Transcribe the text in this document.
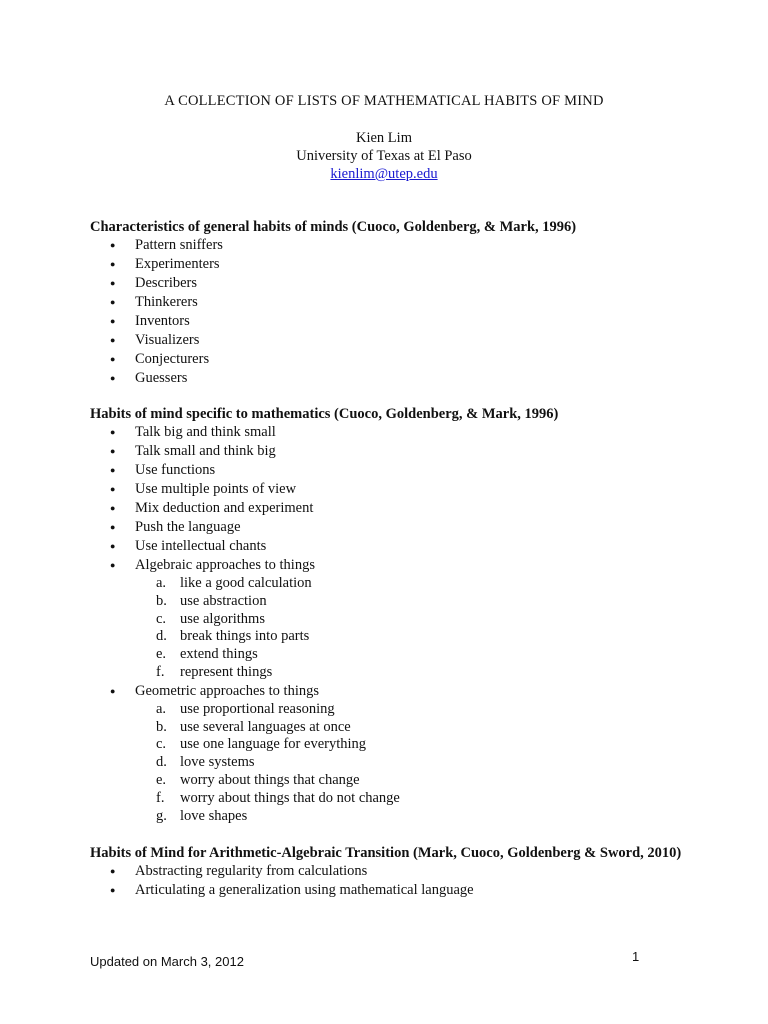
A COLLECTION OF LISTS OF MATHEMATICAL HABITS OF MIND
Kien Lim
University of Texas at El Paso
kienlim@utep.edu
Characteristics of general habits of minds (Cuoco, Goldenberg, & Mark, 1996)
● Pattern sniffers
● Experimenters
● Describers
● Thinkerers
● Inventors
● Visualizers
● Conjecturers
● Guessers
Habits of mind specific to mathematics (Cuoco, Goldenberg, & Mark, 1996)
● Talk big and think small
● Talk small and think big
● Use functions
● Use multiple points of view
● Mix deduction and experiment
● Push the language
● Use intellectual chants
● Algebraic approaches to things
a. like a good calculation
b. use abstraction
c. use algorithms
d. break things into parts
e. extend things
f. represent things
● Geometric approaches to things
a. use proportional reasoning
b. use several languages at once
c. use one language for everything
d. love systems
e. worry about things that change
f. worry about things that do not change
g. love shapes
Habits of Mind for Arithmetic-Algebraic Transition (Mark, Cuoco, Goldenberg & Sword, 2010)
● Abstracting regularity from calculations
● Articulating a generalization using mathematical language
Updated on March 3, 2012	1
